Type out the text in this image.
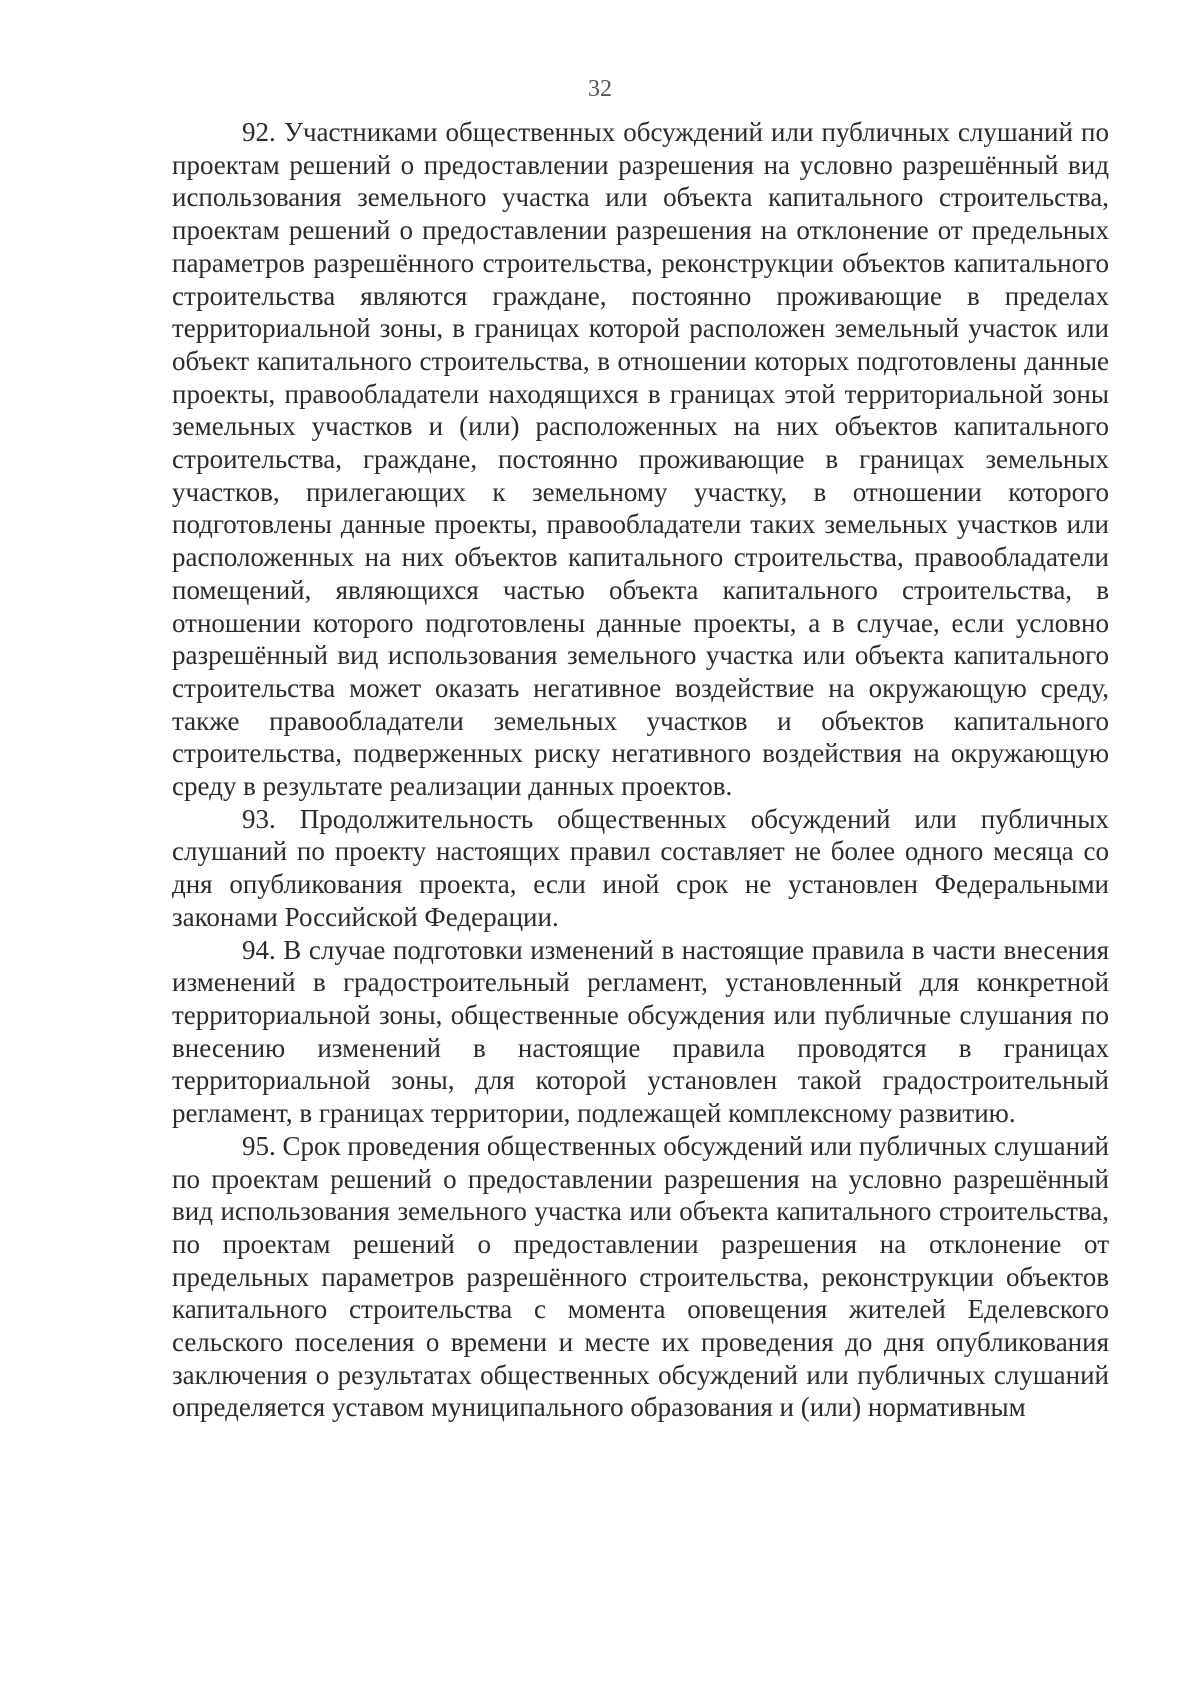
32

92. Участниками общественных обсуждений или публичных слушаний по проектам решений о предоставлении разрешения на условно разрешённый вид использования земельного участка или объекта капитального строительства, проектам решений о предоставлении разрешения на отклонение от предельных параметров разрешённого строительства, реконструкции объектов капитального строительства являются граждане, постоянно проживающие в пределах территориальной зоны, в границах которой расположен земельный участок или объект капитального строительства, в отношении которых подготовлены данные проекты, правообладатели находящихся в границах этой территориальной зоны земельных участков и (или) расположенных на них объектов капитального строительства, граждане, постоянно проживающие в границах земельных участков, прилегающих к земельному участку, в отношении которого подготовлены данные проекты, правообладатели таких земельных участков или расположенных на них объектов капитального строительства, правообладатели помещений, являющихся частью объекта капитального строительства, в отношении которого подготовлены данные проекты, а в случае, если условно разрешённый вид использования земельного участка или объекта капитального строительства может оказать негативное воздействие на окружающую среду, также правообладатели земельных участков и объектов капитального строительства, подверженных риску негативного воздействия на окружающую среду в результате реализации данных проектов.

93. Продолжительность общественных обсуждений или публичных слушаний по проекту настоящих правил составляет не более одного месяца со дня опубликования проекта, если иной срок не установлен Федеральными законами Российской Федерации.

94. В случае подготовки изменений в настоящие правила в части внесения изменений в градостроительный регламент, установленный для конкретной территориальной зоны, общественные обсуждения или публичные слушания по внесению изменений в настоящие правила проводятся в границах территориальной зоны, для которой установлен такой градостроительный регламент, в границах территории, подлежащей комплексному развитию.

95. Срок проведения общественных обсуждений или публичных слушаний по проектам решений о предоставлении разрешения на условно разрешённый вид использования земельного участка или объекта капитального строительства, по проектам решений о предоставлении разрешения на отклонение от предельных параметров разрешённого строительства, реконструкции объектов капитального строительства с момента оповещения жителей Еделевского сельского поселения о времени и месте их проведения до дня опубликования заключения о результатах общественных обсуждений или публичных слушаний определяется уставом муниципального образования и (или) нормативным
